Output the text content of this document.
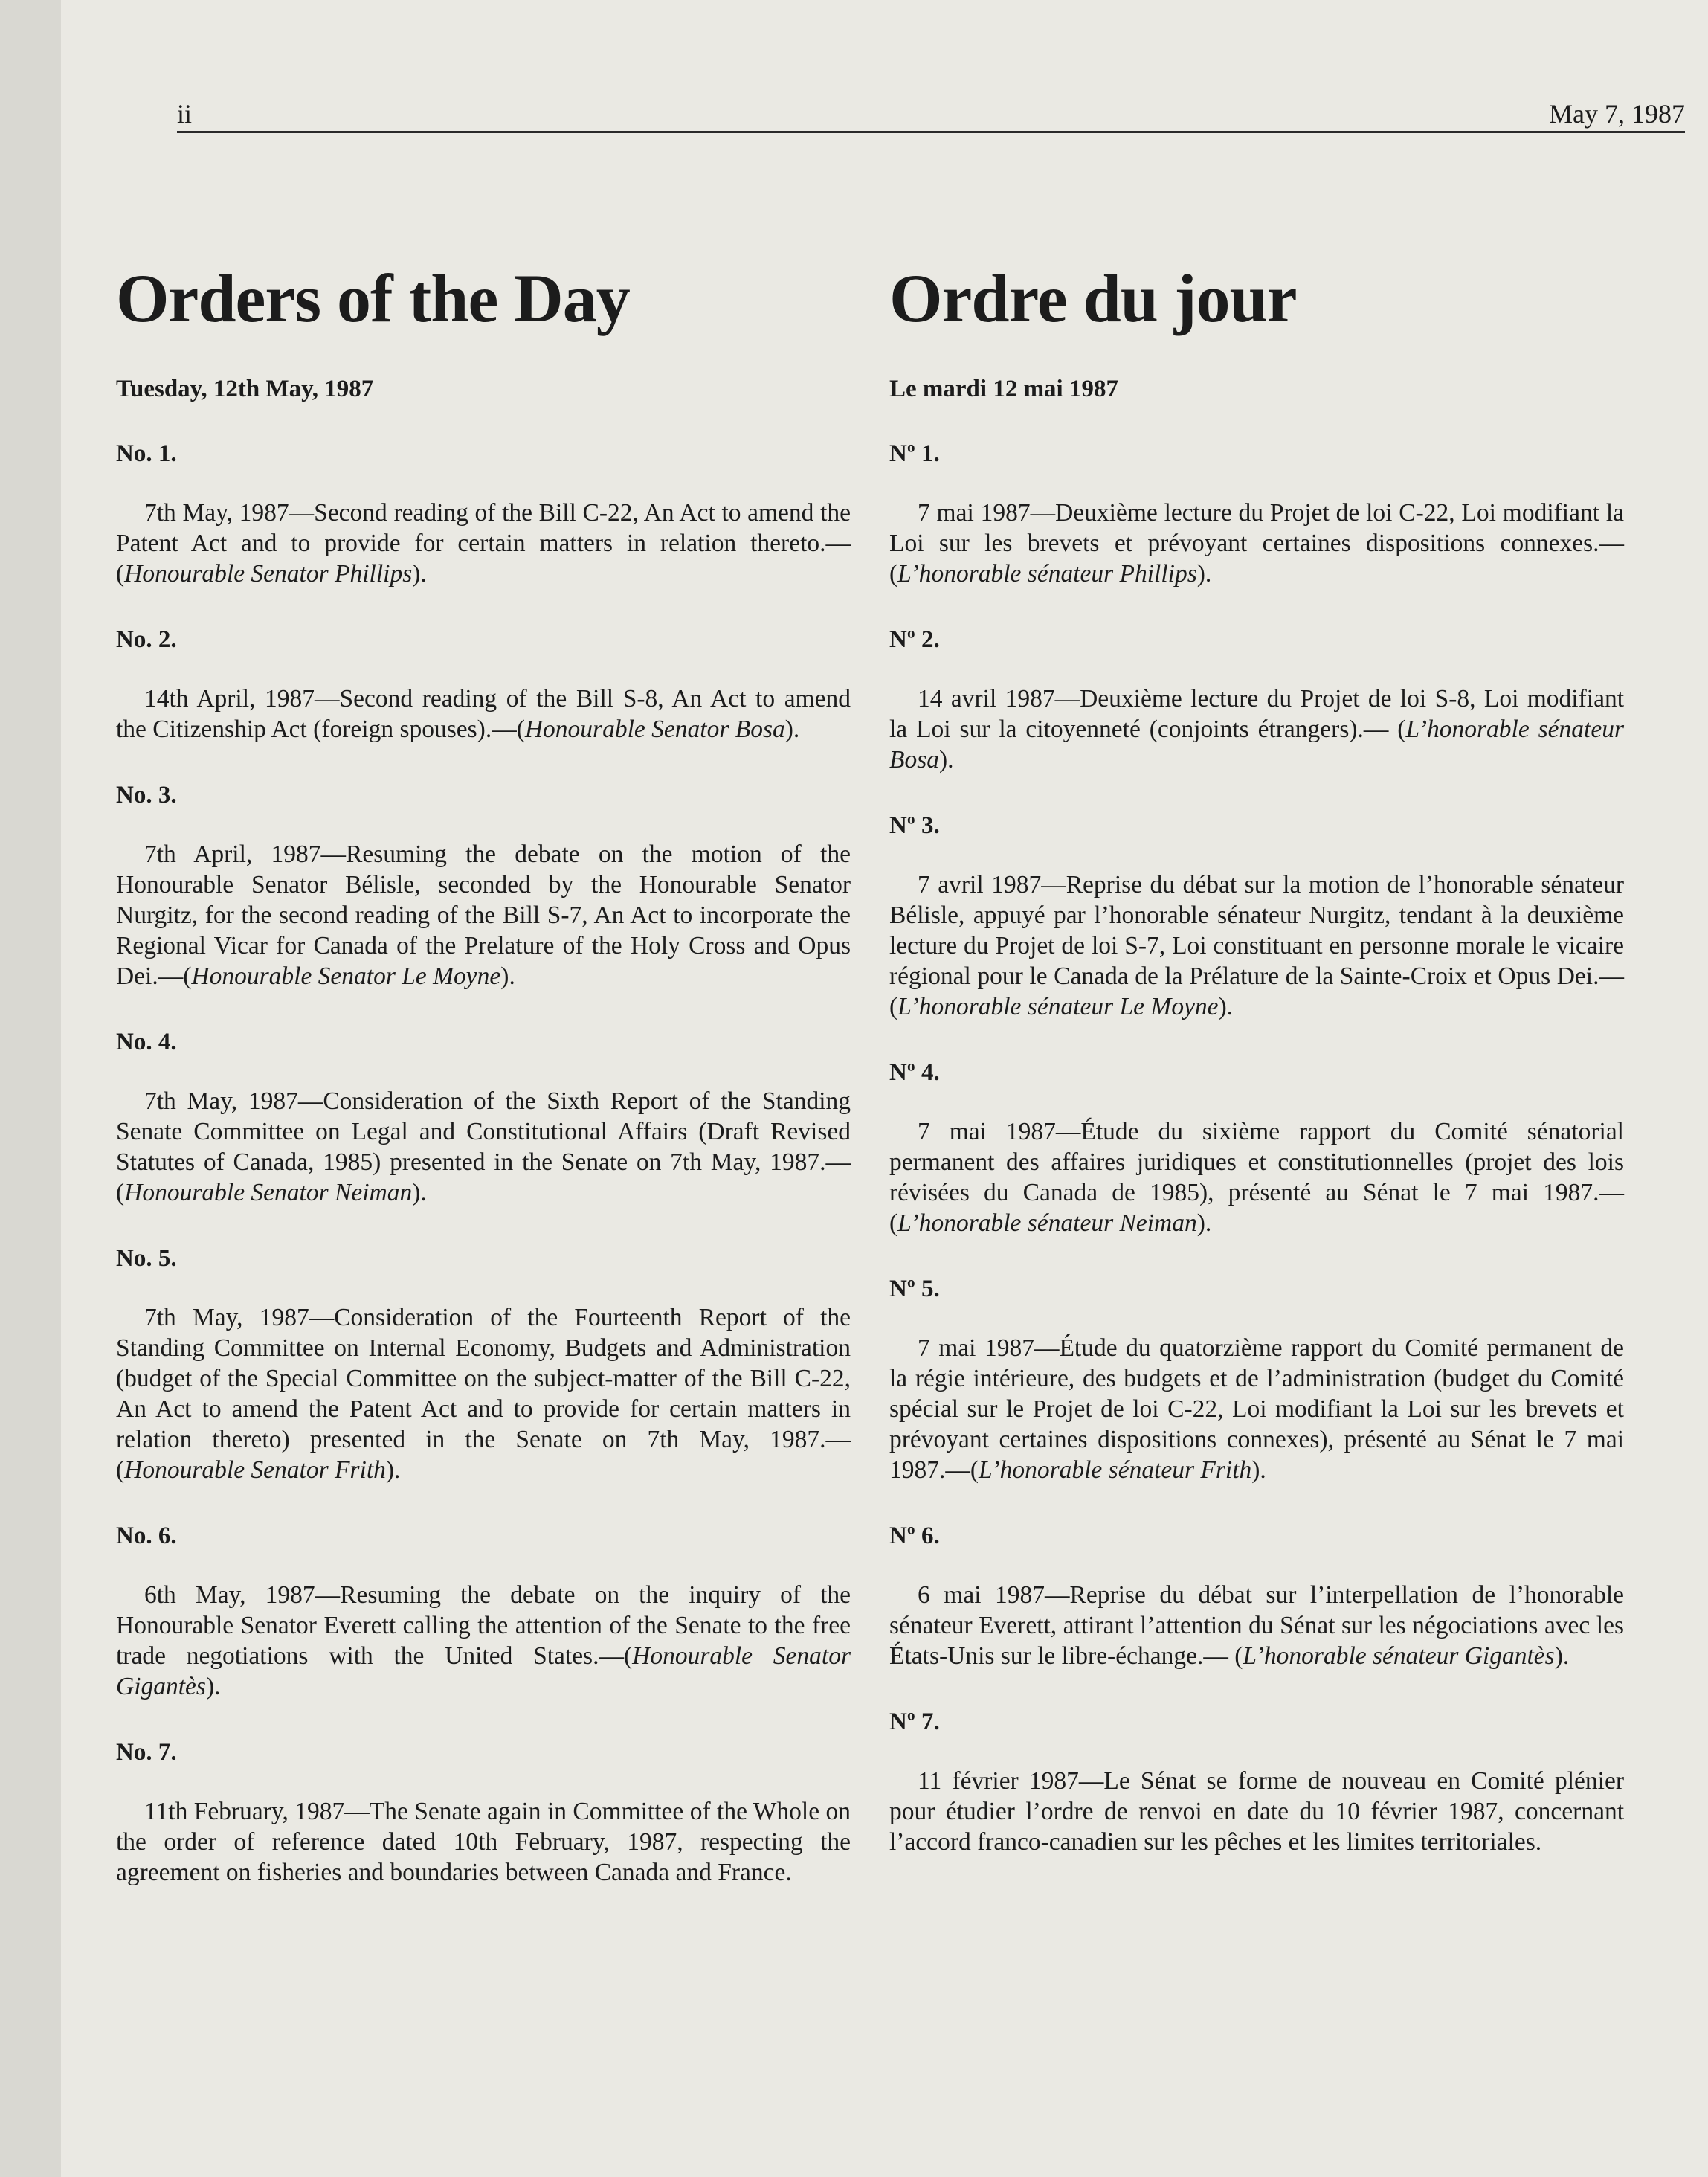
ii	May 7, 1987
Orders of the Day
Tuesday, 12th May, 1987
No. 1.
7th May, 1987—Second reading of the Bill C-22, An Act to amend the Patent Act and to provide for certain matters in relation thereto.—(Honourable Senator Phillips).
No. 2.
14th April, 1987—Second reading of the Bill S-8, An Act to amend the Citizenship Act (foreign spouses).—(Honourable Senator Bosa).
No. 3.
7th April, 1987—Resuming the debate on the motion of the Honourable Senator Bélisle, seconded by the Honourable Senator Nurgitz, for the second reading of the Bill S-7, An Act to incorporate the Regional Vicar for Canada of the Prelature of the Holy Cross and Opus Dei.—(Honourable Senator Le Moyne).
No. 4.
7th May, 1987—Consideration of the Sixth Report of the Standing Senate Committee on Legal and Constitutional Affairs (Draft Revised Statutes of Canada, 1985) presented in the Senate on 7th May, 1987.—(Honourable Senator Neiman).
No. 5.
7th May, 1987—Consideration of the Fourteenth Report of the Standing Committee on Internal Economy, Budgets and Administration (budget of the Special Committee on the subject-matter of the Bill C-22, An Act to amend the Patent Act and to provide for certain matters in relation thereto) presented in the Senate on 7th May, 1987.—(Honourable Senator Frith).
No. 6.
6th May, 1987—Resuming the debate on the inquiry of the Honourable Senator Everett calling the attention of the Senate to the free trade negotiations with the United States.—(Honourable Senator Gigantès).
No. 7.
11th February, 1987—The Senate again in Committee of the Whole on the order of reference dated 10th February, 1987, respecting the agreement on fisheries and boundaries between Canada and France.
Ordre du jour
Le mardi 12 mai 1987
Nº 1.
7 mai 1987—Deuxième lecture du Projet de loi C-22, Loi modifiant la Loi sur les brevets et prévoyant certaines dispositions connexes.—(L’honorable sénateur Phillips).
Nº 2.
14 avril 1987—Deuxième lecture du Projet de loi S-8, Loi modifiant la Loi sur la citoyenneté (conjoints étrangers).— (L’honorable sénateur Bosa).
Nº 3.
7 avril 1987—Reprise du débat sur la motion de l’honorable sénateur Bélisle, appuyé par l’honorable sénateur Nurgitz, tendant à la deuxième lecture du Projet de loi S-7, Loi constituant en personne morale le vicaire régional pour le Canada de la Prélature de la Sainte-Croix et Opus Dei.—(L’honorable sénateur Le Moyne).
Nº 4.
7 mai 1987—Étude du sixième rapport du Comité sénatorial permanent des affaires juridiques et constitutionnelles (projet des lois révisées du Canada de 1985), présenté au Sénat le 7 mai 1987.—(L’honorable sénateur Neiman).
Nº 5.
7 mai 1987—Étude du quatorzième rapport du Comité permanent de la régie intérieure, des budgets et de l’administration (budget du Comité spécial sur le Projet de loi C-22, Loi modifiant la Loi sur les brevets et prévoyant certaines dispositions connexes), présenté au Sénat le 7 mai 1987.—(L’honorable sénateur Frith).
Nº 6.
6 mai 1987—Reprise du débat sur l’interpellation de l’honorable sénateur Everett, attirant l’attention du Sénat sur les négociations avec les États-Unis sur le libre-échange.— (L’honorable sénateur Gigantès).
Nº 7.
11 février 1987—Le Sénat se forme de nouveau en Comité plénier pour étudier l’ordre de renvoi en date du 10 février 1987, concernant l’accord franco-canadien sur les pêches et les limites territoriales.
